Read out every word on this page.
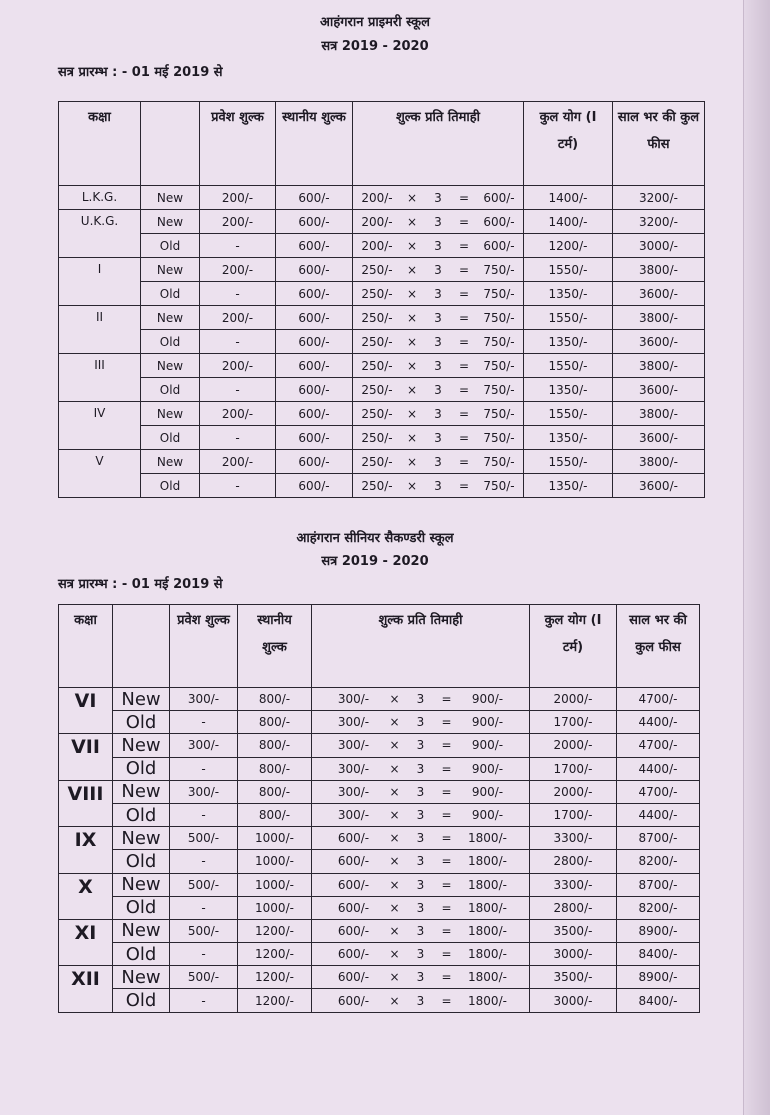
आहंगरान प्राइमरी स्कूल
सत्र 2019 - 2020
सत्र प्रारम्भ : - 01 मई 2019 से
कक्षा		प्रवेश शुल्क	स्थानीय शुल्क	शुल्क प्रति तिमाही	कुल योग (I टर्म)	साल भर की कुल फीस
L.K.G.	New	200/-	600/-	200/- × 3 = 600/-	1400/-	3200/-
U.K.G.	New	200/-	600/-	200/- × 3 = 600/-	1400/-	3200/-
	Old	-	600/-	200/- × 3 = 600/-	1200/-	3000/-
I	New	200/-	600/-	250/- × 3 = 750/-	1550/-	3800/-
	Old	-	600/-	250/- × 3 = 750/-	1350/-	3600/-
II	New	200/-	600/-	250/- × 3 = 750/-	1550/-	3800/-
	Old	-	600/-	250/- × 3 = 750/-	1350/-	3600/-
III	New	200/-	600/-	250/- × 3 = 750/-	1550/-	3800/-
	Old	-	600/-	250/- × 3 = 750/-	1350/-	3600/-
IV	New	200/-	600/-	250/- × 3 = 750/-	1550/-	3800/-
	Old	-	600/-	250/- × 3 = 750/-	1350/-	3600/-
V	New	200/-	600/-	250/- × 3 = 750/-	1550/-	3800/-
	Old	-	600/-	250/- × 3 = 750/-	1350/-	3600/-
आहंगरान सीनियर सैकण्डरी स्कूल
सत्र 2019 - 2020
सत्र प्रारम्भ : - 01 मई 2019 से
कक्षा		प्रवेश शुल्क	स्थानीय शुल्क	शुल्क प्रति तिमाही	कुल योग (I टर्म)	साल भर की कुल फीस
VI	New	300/-	800/-	300/- × 3 = 900/-	2000/-	4700/-
	Old	-	800/-	300/- × 3 = 900/-	1700/-	4400/-
VII	New	300/-	800/-	300/- × 3 = 900/-	2000/-	4700/-
	Old	-	800/-	300/- × 3 = 900/-	1700/-	4400/-
VIII	New	300/-	800/-	300/- × 3 = 900/-	2000/-	4700/-
	Old	-	800/-	300/- × 3 = 900/-	1700/-	4400/-
IX	New	500/-	1000/-	600/- × 3 = 1800/-	3300/-	8700/-
	Old	-	1000/-	600/- × 3 = 1800/-	2800/-	8200/-
X	New	500/-	1000/-	600/- × 3 = 1800/-	3300/-	8700/-
	Old	-	1000/-	600/- × 3 = 1800/-	2800/-	8200/-
XI	New	500/-	1200/-	600/- × 3 = 1800/-	3500/-	8900/-
	Old	-	1200/-	600/- × 3 = 1800/-	3000/-	8400/-
XII	New	500/-	1200/-	600/- × 3 = 1800/-	3500/-	8900/-
	Old	-	1200/-	600/- × 3 = 1800/-	3000/-	8400/-
